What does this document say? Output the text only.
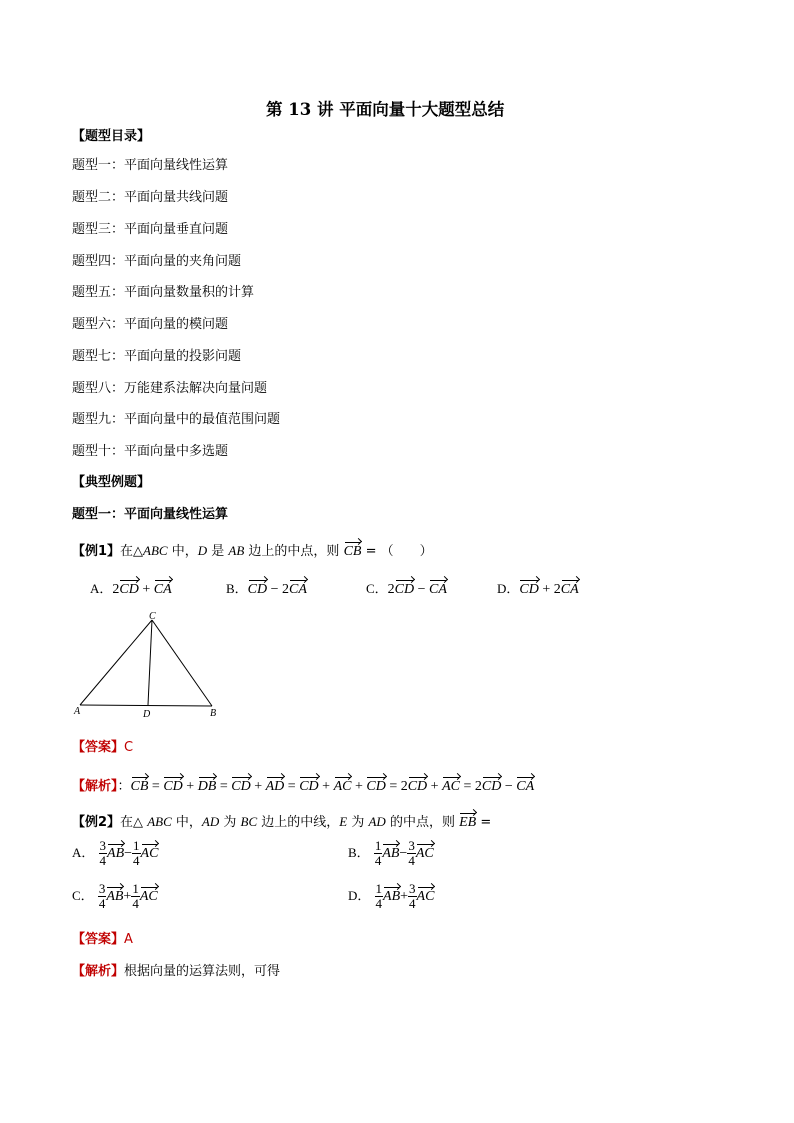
第 13 讲 平面向量十大题型总结
【题型目录】
题型一：平面向量线性运算
题型二：平面向量共线问题
题型三：平面向量垂直问题
题型四：平面向量的夹角问题
题型五：平面向量数量积的计算
题型六：平面向量的模问题
题型七：平面向量的投影问题
题型八：万能建系法解决向量问题
题型九：平面向量中的最值范围问题
题型十：平面向量中多选题
【典型例题】
题型一：平面向量线性运算
【例1】在△ABC 中，D 是 AB 边上的中点，则 CB = （　　）
A．2CD + CA	B．CD − 2CA	C．2CD − CA	D．CD + 2CA
C
A	D	B
【答案】C
【解析】：CB = CD + DB = CD + AD = CD + AC + CD = 2CD + AC = 2CD − CA
【例2】在△ ABC 中，AD 为 BC 边上的中线，E 为 AD 的中点，则 EB =
A． $\frac{3}{4} AB- \frac{1}{4}$ AC	B． $\frac{1}{4} AB- \frac{3}{4}$ AC
C． $\frac{3}{4} AB+ \frac{1}{4}$ AC	D． $\frac{1}{4} AB+ \frac{3}{4}$ AC
【答案】A
【解析】根据向量的运算法则，可得
